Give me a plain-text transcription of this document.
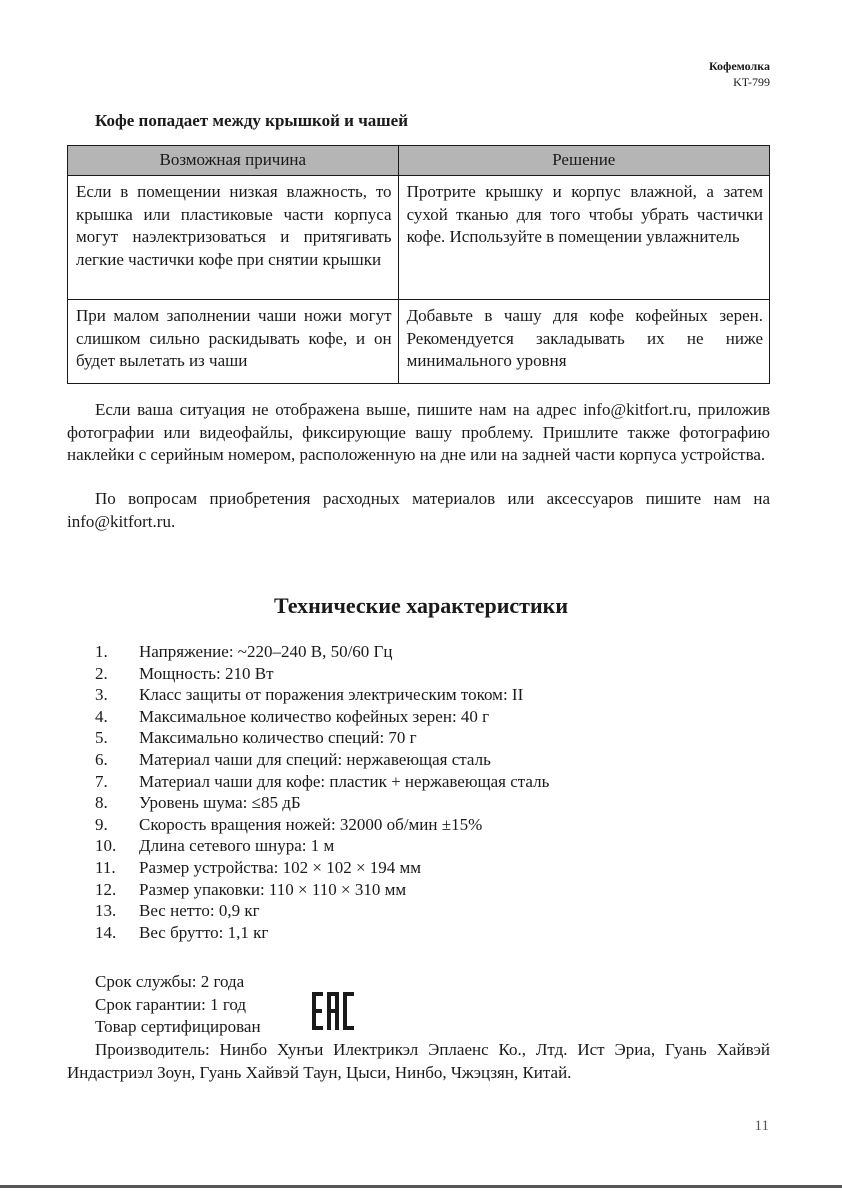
Кофемолка
KT-799
Кофе попадает между крышкой и чашей
Возможная причина	Решение
Если в помещении низкая влажность, то крышка или пластиковые части корпуса могут наэлектризоваться и притягивать легкие частички кофе при снятии крышки	Протрите крышку и корпус влажной, а затем сухой тканью для того чтобы убрать частички кофе. Используйте в помещении увлажнитель
При малом заполнении чаши ножи могут слишком сильно раскидывать кофе, и он будет вылетать из чаши	Добавьте в чашу для кофе кофейных зерен. Рекомендуется закладывать их не ниже минимального уровня

Если ваша ситуация не отображена выше, пишите нам на адрес info@kitfort.ru, приложив фотографии или видеофайлы, фиксирующие вашу проблему. Пришлите также фотографию наклейки с серийным номером, расположенную на дне или на задней части корпуса устройства.

По вопросам приобретения расходных материалов или аксессуаров пишите нам на info@kitfort.ru.

Технические характеристики
1.	Напряжение: ~220–240 В, 50/60 Гц
2.	Мощность: 210 Вт
3.	Класс защиты от поражения электрическим током: II
4.	Максимальное количество кофейных зерен: 40 г
5.	Максимально количество специй: 70 г
6.	Материал чаши для специй: нержавеющая сталь
7.	Материал чаши для кофе: пластик + нержавеющая сталь
8.	Уровень шума: ≤85 дБ
9.	Скорость вращения ножей: 32000 об/мин ±15%
10.	Длина сетевого шнура: 1 м
11.	Размер устройства: 102 × 102 × 194 мм
12.	Размер упаковки: 110 × 110 × 310 мм
13.	Вес нетто: 0,9 кг
14.	Вес брутто: 1,1 кг
Срок службы: 2 года
Срок гарантии: 1 год
Товар сертифицирован

Производитель: Нинбо Хунъи Илектрикэл Эплаенс Ко., Лтд. Ист Эриа, Гуань Хайвэй Индастриэл Зоун, Гуань Хайвэй Таун, Цыси, Нинбо, Чжэцзян, Китай.

11
